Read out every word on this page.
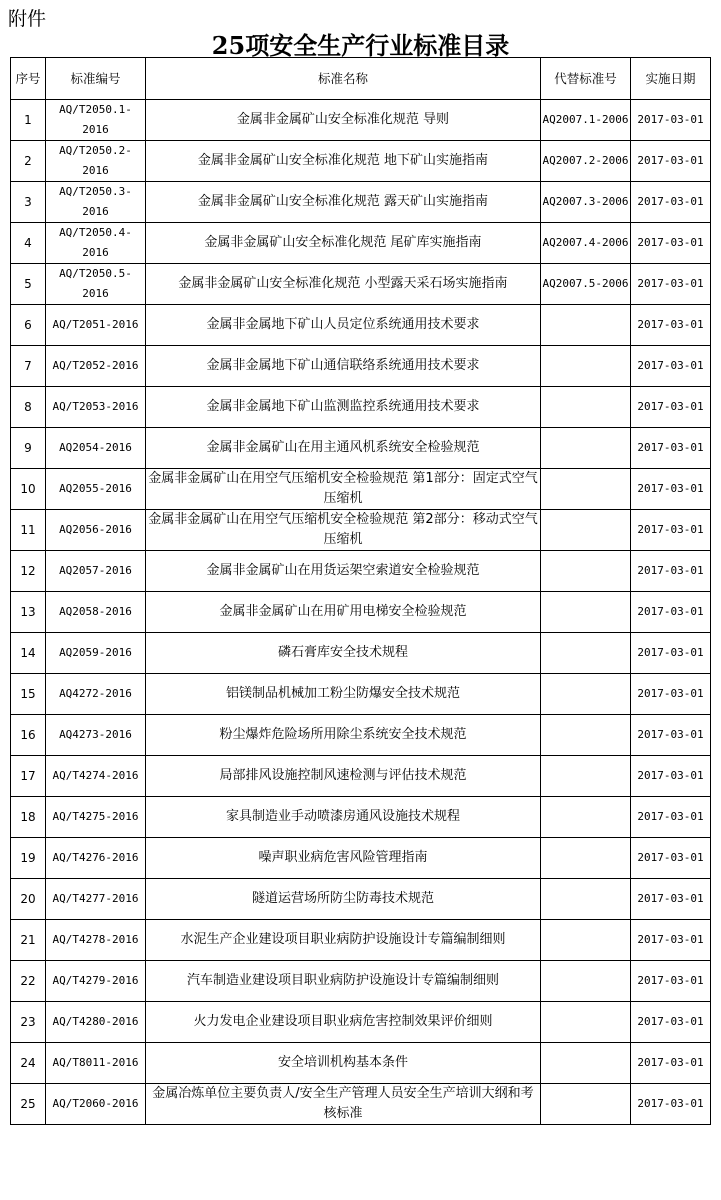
附件
25项安全生产行业标准目录
序号	标准编号	标准名称	代替标准号	实施日期
1	AQ/T2050.1-2016	金属非金属矿山安全标准化规范 导则	AQ2007.1-2006	2017-03-01
2	AQ/T2050.2-2016	金属非金属矿山安全标准化规范 地下矿山实施指南	AQ2007.2-2006	2017-03-01
3	AQ/T2050.3-2016	金属非金属矿山安全标准化规范 露天矿山实施指南	AQ2007.3-2006	2017-03-01
4	AQ/T2050.4-2016	金属非金属矿山安全标准化规范 尾矿库实施指南	AQ2007.4-2006	2017-03-01
5	AQ/T2050.5-2016	金属非金属矿山安全标准化规范 小型露天采石场实施指南	AQ2007.5-2006	2017-03-01
6	AQ/T2051-2016	金属非金属地下矿山人员定位系统通用技术要求		2017-03-01
7	AQ/T2052-2016	金属非金属地下矿山通信联络系统通用技术要求		2017-03-01
8	AQ/T2053-2016	金属非金属地下矿山监测监控系统通用技术要求		2017-03-01
9	AQ2054-2016	金属非金属矿山在用主通风机系统安全检验规范		2017-03-01
10	AQ2055-2016	金属非金属矿山在用空气压缩机安全检验规范 第1部分：固定式空气压缩机		2017-03-01
11	AQ2056-2016	金属非金属矿山在用空气压缩机安全检验规范 第2部分：移动式空气压缩机		2017-03-01
12	AQ2057-2016	金属非金属矿山在用货运架空索道安全检验规范		2017-03-01
13	AQ2058-2016	金属非金属矿山在用矿用电梯安全检验规范		2017-03-01
14	AQ2059-2016	磷石膏库安全技术规程		2017-03-01
15	AQ4272-2016	铝镁制品机械加工粉尘防爆安全技术规范		2017-03-01
16	AQ4273-2016	粉尘爆炸危险场所用除尘系统安全技术规范		2017-03-01
17	AQ/T4274-2016	局部排风设施控制风速检测与评估技术规范		2017-03-01
18	AQ/T4275-2016	家具制造业手动喷漆房通风设施技术规程		2017-03-01
19	AQ/T4276-2016	噪声职业病危害风险管理指南		2017-03-01
20	AQ/T4277-2016	隧道运营场所防尘防毒技术规范		2017-03-01
21	AQ/T4278-2016	水泥生产企业建设项目职业病防护设施设计专篇编制细则		2017-03-01
22	AQ/T4279-2016	汽车制造业建设项目职业病防护设施设计专篇编制细则		2017-03-01
23	AQ/T4280-2016	火力发电企业建设项目职业病危害控制效果评价细则		2017-03-01
24	AQ/T8011-2016	安全培训机构基本条件		2017-03-01
25	AQ/T2060-2016	金属冶炼单位主要负责人/安全生产管理人员安全生产培训大纲和考核标准		2017-03-01
